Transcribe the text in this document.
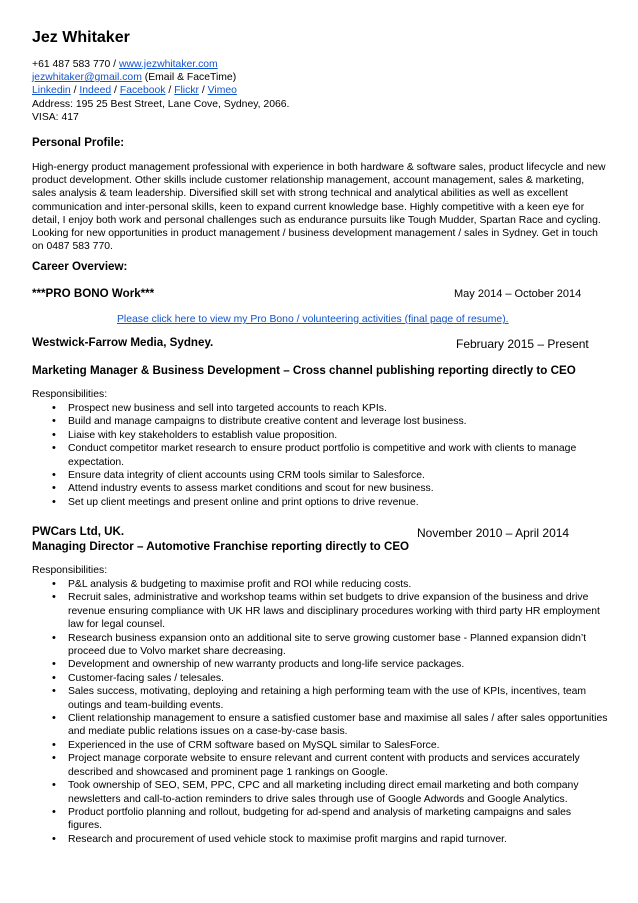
Jez Whitaker
+61 487 583 770 / www.jezwhitaker.com
jezwhitaker@gmail.com (Email & FaceTime)
Linkedin / Indeed / Facebook / Flickr / Vimeo
Address: 195 25 Best Street, Lane Cove, Sydney, 2066.
VISA: 417
Personal Profile:
High-energy product management professional with experience in both hardware & software sales, product lifecycle and new product development. Other skills include customer relationship management, account management, sales & marketing, sales analysis & team leadership. Diversified skill set with strong technical and analytical abilities as well as excellent communication and inter-personal skills, keen to expand current knowledge base. Highly competitive with a keen eye for detail, I enjoy both work and personal challenges such as endurance pursuits like Tough Mudder, Spartan Race and cycling. Looking for new opportunities in product management / business development management / sales in Sydney. Get in touch on 0487 583 770.
Career Overview:
***PRO BONO Work***	May 2014 – October 2014
Please click here to view my Pro Bono / volunteering activities (final page of resume).
Westwick-Farrow Media, Sydney.	February 2015 – Present
Marketing Manager & Business Development – Cross channel publishing reporting directly to CEO
Responsibilities:
• Prospect new business and sell into targeted accounts to reach KPIs.
• Build and manage campaigns to distribute creative content and leverage lost business.
• Liaise with key stakeholders to establish value proposition.
• Conduct competitor market research to ensure product portfolio is competitive and work with clients to manage expectation.
• Ensure data integrity of client accounts using CRM tools similar to Salesforce.
• Attend industry events to assess market conditions and scout for new business.
• Set up client meetings and present online and print options to drive revenue.
PWCars Ltd, UK.	November 2010 – April 2014
Managing Director – Automotive Franchise reporting directly to CEO
Responsibilities:
• P&L analysis & budgeting to maximise profit and ROI while reducing costs.
• Recruit sales, administrative and workshop teams within set budgets to drive expansion of the business and drive revenue ensuring compliance with UK HR laws and disciplinary procedures working with third party HR employment law for legal counsel.
• Research business expansion onto an additional site to serve growing customer base - Planned expansion didn’t proceed due to Volvo market share decreasing.
• Development and ownership of new warranty products and long-life service packages.
• Customer-facing sales / telesales.
• Sales success, motivating, deploying and retaining a high performing team with the use of KPIs, incentives, team outings and team-building events.
• Client relationship management to ensure a satisfied customer base and maximise all sales / after sales opportunities and mediate public relations issues on a case-by-case basis.
• Experienced in the use of CRM software based on MySQL similar to SalesForce.
• Project manage corporate website to ensure relevant and current content with products and services accurately described and showcased and prominent page 1 rankings on Google.
• Took ownership of SEO, SEM, PPC, CPC and all marketing including direct email marketing and both company newsletters and call-to-action reminders to drive sales through use of Google Adwords and Google Analytics.
• Product portfolio planning and rollout, budgeting for ad-spend and analysis of marketing campaigns and sales figures.
• Research and procurement of used vehicle stock to maximise profit margins and rapid turnover.
